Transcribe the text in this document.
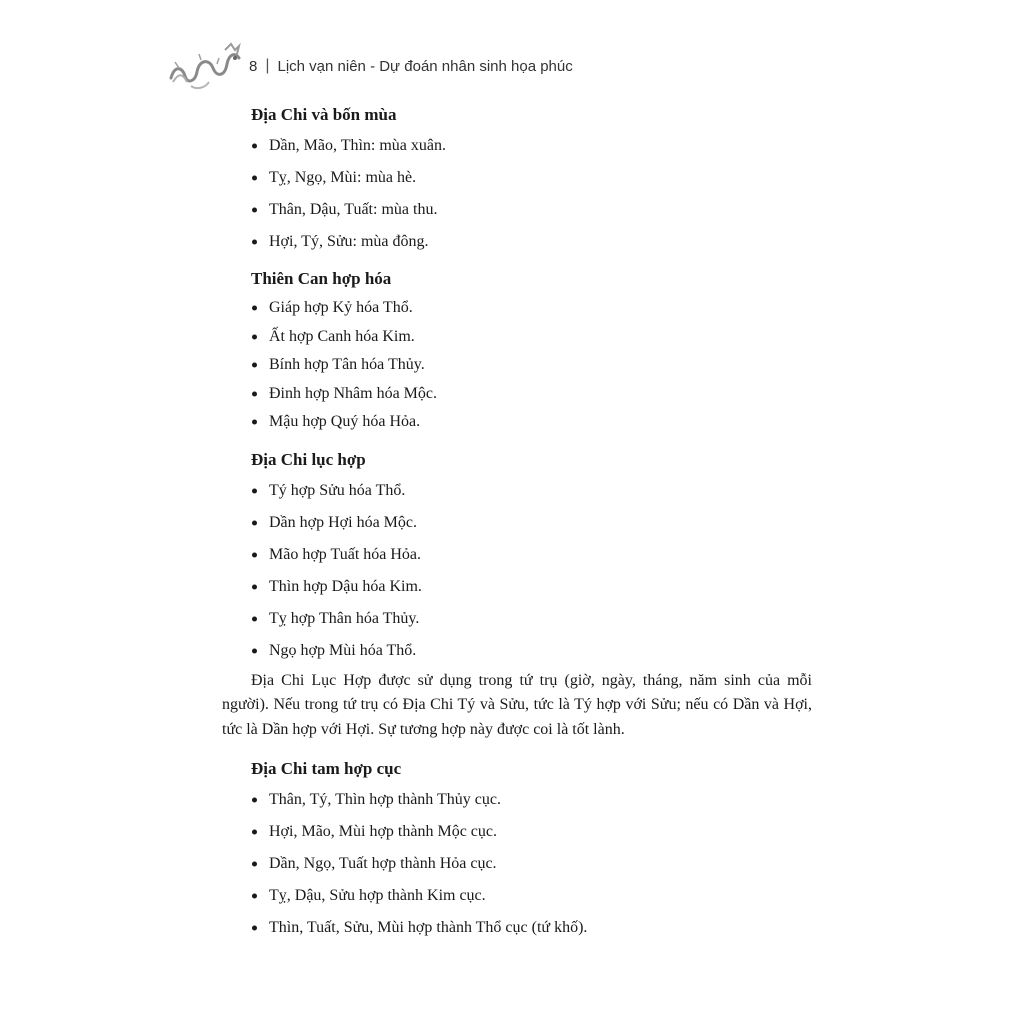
8 | Lịch vạn niên - Dự đoán nhân sinh họa phúc
Địa Chi và bốn mùa
Dần, Mão, Thìn: mùa xuân.
Tỵ, Ngọ, Mùi: mùa hè.
Thân, Dậu, Tuất: mùa thu.
Hợi, Tý, Sửu: mùa đông.
Thiên Can hợp hóa
Giáp hợp Kỷ hóa Thổ.
Ất hợp Canh hóa Kim.
Bính hợp Tân hóa Thủy.
Đinh hợp Nhâm hóa Mộc.
Mậu hợp Quý hóa Hỏa.
Địa Chi lục hợp
Tý hợp Sửu hóa Thổ.
Dần hợp Hợi hóa Mộc.
Mão hợp Tuất hóa Hỏa.
Thìn hợp Dậu hóa Kim.
Tỵ hợp Thân hóa Thủy.
Ngọ hợp Mùi hóa Thổ.

Địa Chi Lục Hợp được sử dụng trong tứ trụ (giờ, ngày, tháng, năm sinh của mỗi người). Nếu trong tứ trụ có Địa Chi Tý và Sửu, tức là Tý hợp với Sửu; nếu có Dần và Hợi, tức là Dần hợp với Hợi. Sự tương hợp này được coi là tốt lành.

Địa Chi tam hợp cục
Thân, Tý, Thìn hợp thành Thủy cục.
Hợi, Mão, Mùi hợp thành Mộc cục.
Dần, Ngọ, Tuất hợp thành Hỏa cục.
Tỵ, Dậu, Sửu hợp thành Kim cục.
Thìn, Tuất, Sửu, Mùi hợp thành Thổ cục (tứ khố).
